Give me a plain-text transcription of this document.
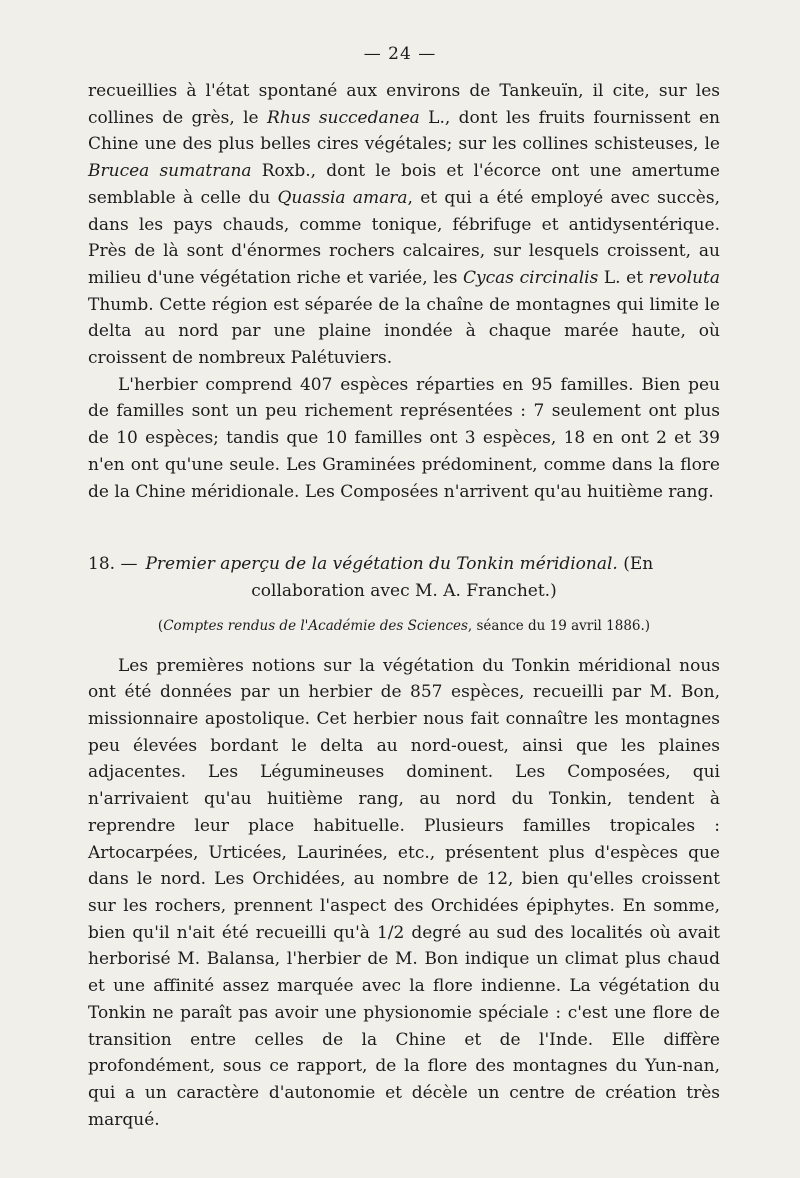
— 24 —

recueillies à l'état spontané aux environs de Tankeuïn, il cite, sur les collines de grès, le Rhus succedanea L., dont les fruits fournissent en Chine une des plus belles cires végétales; sur les collines schisteuses, le Brucea sumatrana Roxb., dont le bois et l'écorce ont une amertume semblable à celle du Quassia amara, et qui a été employé avec succès, dans les pays chauds, comme tonique, fébrifuge et antidysentérique. Près de là sont d'énormes rochers calcaires, sur lesquels croissent, au milieu d'une végétation riche et variée, les Cycas circinalis L. et revoluta Thumb. Cette région est séparée de la chaîne de montagnes qui limite le delta au nord par une plaine inondée à chaque marée haute, où croissent de nombreux Palétuviers.

L'herbier comprend 407 espèces réparties en 95 familles. Bien peu de familles sont un peu richement représentées : 7 seulement ont plus de 10 espèces; tandis que 10 familles ont 3 espèces, 18 en ont 2 et 39 n'en ont qu'une seule. Les Graminées prédominent, comme dans la flore de la Chine méridionale. Les Composées n'arrivent qu'au huitième rang.

18. — Premier aperçu de la végétation du Tonkin méridional. (En

collaboration avec M. A. Franchet.)

(Comptes rendus de l'Académie des Sciences, séance du 19 avril 1886.)

Les premières notions sur la végétation du Tonkin méridional nous ont été données par un herbier de 857 espèces, recueilli par M. Bon, missionnaire apostolique. Cet herbier nous fait connaître les montagnes peu élevées bordant le delta au nord-ouest, ainsi que les plaines adjacentes. Les Légumineuses dominent. Les Composées, qui n'arrivaient qu'au huitième rang, au nord du Tonkin, tendent à reprendre leur place habituelle. Plusieurs familles tropicales : Artocarpées, Urticées, Laurinées, etc., présentent plus d'espèces que dans le nord. Les Orchidées, au nombre de 12, bien qu'elles croissent sur les rochers, prennent l'aspect des Orchidées épiphytes. En somme, bien qu'il n'ait été recueilli qu'à 1/2 degré au sud des localités où avait herborisé M. Balansa, l'herbier de M. Bon indique un climat plus chaud et une affinité assez marquée avec la flore indienne. La végétation du Tonkin ne paraît pas avoir une physionomie spéciale : c'est une flore de transition entre celles de la Chine et de l'Inde. Elle diffère profondément, sous ce rapport, de la flore des montagnes du Yun-nan, qui a un caractère d'autonomie et décèle un centre de création très marqué.
